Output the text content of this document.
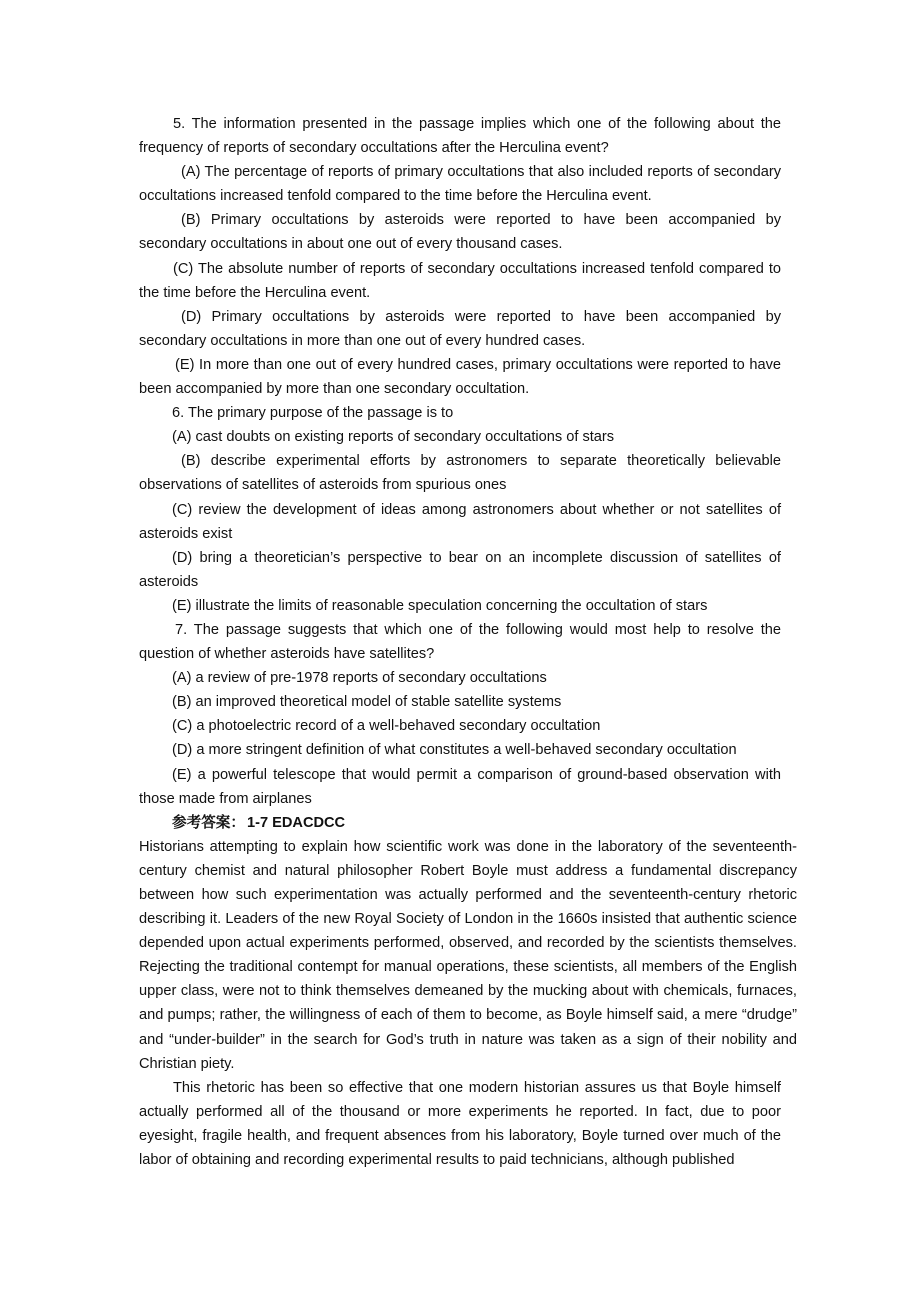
5. The information presented in the passage implies which one of the following about the frequency of reports of secondary occultations after the Herculina event?

(A) The percentage of reports of primary occultations that also included reports of secondary occultations increased tenfold compared to the time before the Herculina event.

(B) Primary occultations by asteroids were reported to have been accompanied by secondary occultations in about one out of every thousand cases.

(C) The absolute number of reports of secondary occultations increased tenfold compared to the time before the Herculina event.

(D) Primary occultations by asteroids were reported to have been accompanied by secondary occultations in more than one out of every hundred cases.

(E) In more than one out of every hundred cases, primary occultations were reported to have been accompanied by more than one secondary occultation.

6. The primary purpose of the passage is to

(A) cast doubts on existing reports of secondary occultations of stars

(B) describe experimental efforts by astronomers to separate theoretically believable observations of satellites of asteroids from spurious ones

(C) review the development of ideas among astronomers about whether or not satellites of asteroids exist

(D) bring a theoretician’s perspective to bear on an incomplete discussion of satellites of asteroids

(E) illustrate the limits of reasonable speculation concerning the occultation of stars

7. The passage suggests that which one of the following would most help to resolve the question of whether asteroids have satellites?

(A) a review of pre-1978 reports of secondary occultations

(B) an improved theoretical model of stable satellite systems

(C) a photoelectric record of a well-behaved secondary occultation

(D) a more stringent definition of what constitutes a well-behaved secondary occultation

(E) a powerful telescope that would permit a comparison of ground-based observation with those made from airplanes

参考答案： 1-7 EDACDCC

Historians attempting to explain how scientific work was done in the laboratory of the seventeenth-century chemist and natural philosopher Robert Boyle must address a fundamental discrepancy between how such experimentation was actually performed and the seventeenth-century rhetoric describing it. Leaders of the new Royal Society of London in the 1660s insisted that authentic science depended upon actual experiments performed, observed, and recorded by the scientists themselves. Rejecting the traditional contempt for manual operations, these scientists, all members of the English upper class, were not to think themselves demeaned by the mucking about with chemicals, furnaces, and pumps; rather, the willingness of each of them to become, as Boyle himself said, a mere “drudge” and “under-builder” in the search for God’s truth in nature was taken as a sign of their nobility and Christian piety.

This rhetoric has been so effective that one modern historian assures us that Boyle himself actually performed all of the thousand or more experiments he reported. In fact, due to poor eyesight, fragile health, and frequent absences from his laboratory, Boyle turned over much of the labor of obtaining and recording experimental results to paid technicians, although published
